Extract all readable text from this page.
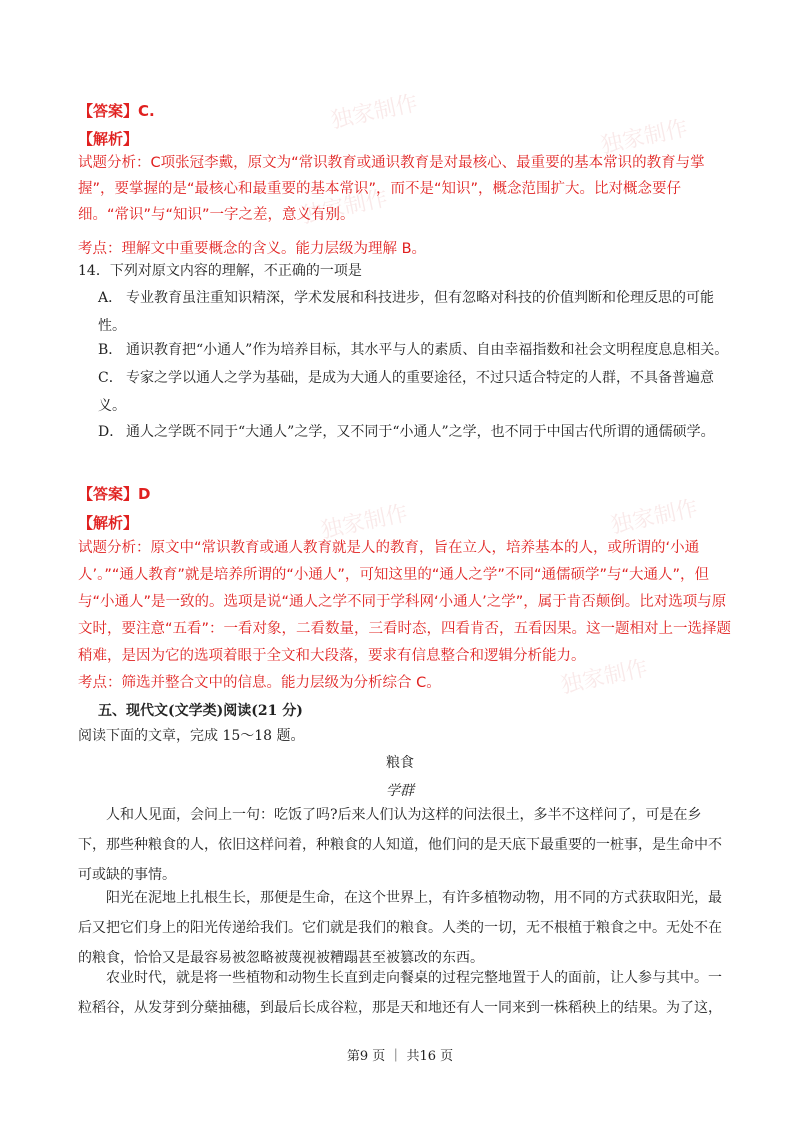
独家制作
独家制作
独家制作
独家制作	独家制作
独家制作
【答案】C.
【解析】
试题分析：C项张冠李戴，原文为“常识教育或通识教育是对最核心、最重要的基本常识的教育与掌握”，要掌握的是“最核心和最重要的基本常识”，而不是“知识”，概念范围扩大。比对概念要仔细。“常识”与“知识”一字之差，意义有别。
考点：理解文中重要概念的含义。能力层级为理解 B。
14．下列对原文内容的理解，不正确的一项是
A． 专业教育虽注重知识精深，学术发展和科技进步，但有忽略对科技的价值判断和伦理反思的可能性。
B． 通识教育把“小通人”作为培养目标，其水平与人的素质、自由幸福指数和社会文明程度息息相关。
C． 专家之学以通人之学为基础，是成为大通人的重要途径，不过只适合特定的人群，不具备普遍意义。
D． 通人之学既不同于“大通人”之学，又不同于“小通人”之学，也不同于中国古代所谓的通儒硕学。
【答案】D
【解析】
试题分析：原文中“常识教育或通人教育就是人的教育，旨在立人，培养基本的人，或所谓的‘小通人’。”“通人教育”就是培养所谓的“小通人”，可知这里的“通人之学”不同“通儒硕学”与“大通人”，但与“小通人”是一致的。选项是说“通人之学不同于学科网‘小通人’之学”，属于肯否颠倒。比对选项与原文时，要注意“五看”：一看对象，二看数量，三看时态，四看肯否，五看因果。这一题相对上一选择题稍难，是因为它的选项着眼于全文和大段落，要求有信息整合和逻辑分析能力。
考点：筛选并整合文中的信息。能力层级为分析综合 C。
五、现代文(文学类)阅读(21 分)
阅读下面的文章，完成 15～18 题。
粮食
学群
人和人见面，会问上一句：吃饭了吗?后来人们认为这样的问法很土，多半不这样问了，可是在乡下，那些种粮食的人，依旧这样问着，种粮食的人知道，他们问的是天底下最重要的一桩事，是生命中不可或缺的事情。
阳光在泥地上扎根生长，那便是生命，在这个世界上，有许多植物动物，用不同的方式获取阳光，最后又把它们身上的阳光传递给我们。它们就是我们的粮食。人类的一切，无不根植于粮食之中。无处不在的粮食，恰恰又是最容易被忽略被蔑视被糟蹋甚至被篡改的东西。
农业时代，就是将一些植物和动物生长直到走向餐桌的过程完整地置于人的面前，让人参与其中。一粒稻谷，从发芽到分蘖抽穗，到最后长成谷粒，那是天和地还有人一同来到一株稻秧上的结果。为了这，
第9 页 ｜ 共16 页
